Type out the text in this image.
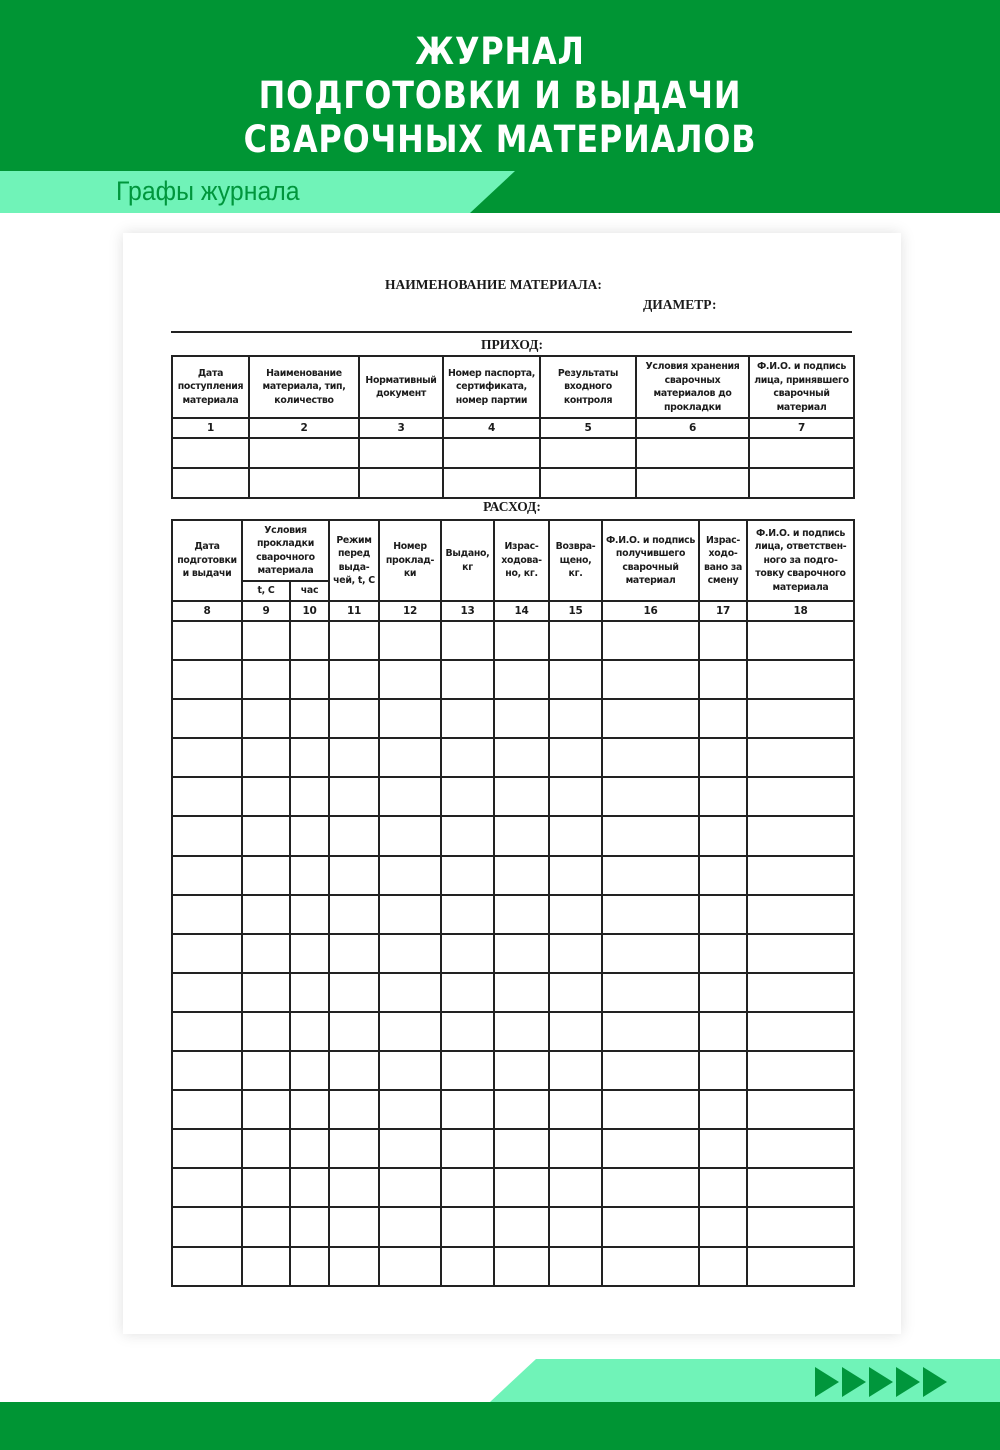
ЖУРНАЛ
ПОДГОТОВКИ И ВЫДАЧИ
СВАРОЧНЫХ МАТЕРИАЛОВ
Графы журнала
НАИМЕНОВАНИЕ МАТЕРИАЛА:
ДИАМЕТР:
ПРИХОД:
Дата поступления материала	Наименование материала, тип, количество	Нормативный документ	Номер паспорта, сертификата, номер партии	Результаты входного контроля	Условия хранения сварочных материалов до прокладки	Ф.И.О. и подпись лица, принявшего сварочный материал
1	2	3	4	5	6	7

РАСХОД:
Дата подготовки и выдачи	Условия прокладки сварочного материала		Режим перед выда-чей, t, C	Номер проклад-ки	Выдано, кг	Израс-ходова-но, кг.	Возвра-щено, кг.	Ф.И.О. и подпись получившего сварочный материал	Израс-ходо-вано за смену	Ф.И.О. и подпись лица, ответствен-ного за подго-товку сварочного материала
	t, C	час								
8	9	10	11	12	13	14	15	16	17	18
